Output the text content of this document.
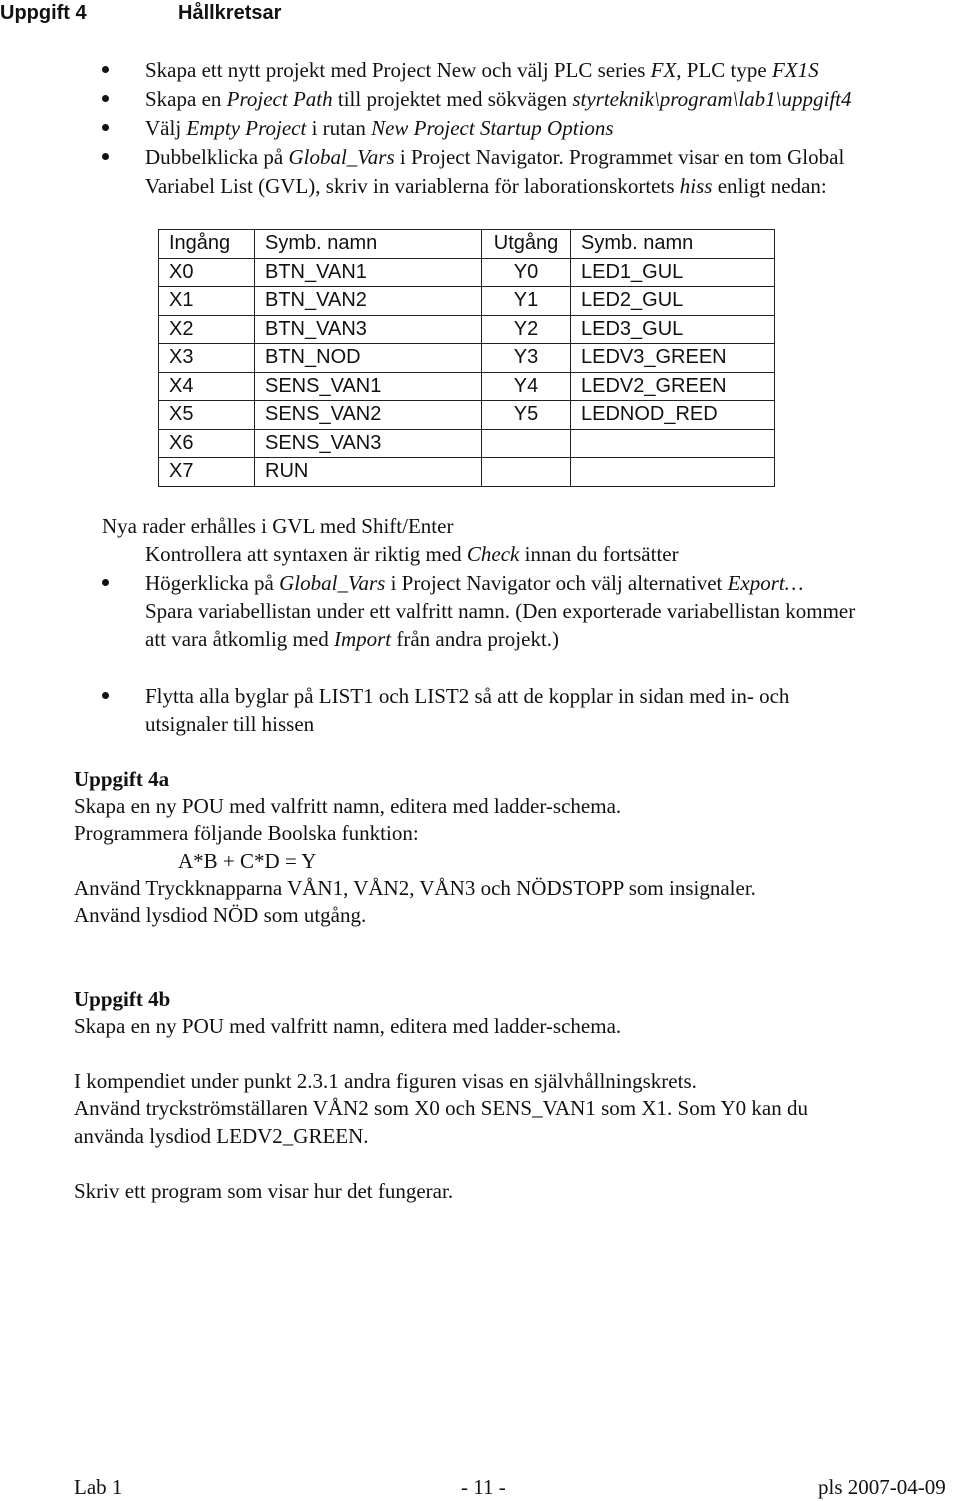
Uppgift 4	Hållkretsar
Skapa ett nytt projekt med Project New och välj PLC series FX, PLC type FX1S
Skapa en Project Path till projektet med sökvägen styrteknik\program\lab1\uppgift4
Välj Empty Project i rutan New Project Startup Options
Dubbelklicka på Global_Vars i Project Navigator. Programmet visar en tom Global
Variabel List (GVL), skriv in variablerna för laborationskortets hiss enligt nedan:
Ingång	Symb. namn	Utgång	Symb. namn
X0	BTN_VAN1	Y0	LED1_GUL
X1	BTN_VAN2	Y1	LED2_GUL
X2	BTN_VAN3	Y2	LED3_GUL
X3	BTN_NOD	Y3	LEDV3_GREEN
X4	SENS_VAN1	Y4	LEDV2_GREEN
X5	SENS_VAN2	Y5	LEDNOD_RED
X6	SENS_VAN3		
X7	RUN		
Nya rader erhålles i GVL med Shift/Enter
Kontrollera att syntaxen är riktig med Check innan du fortsätter
Högerklicka på Global_Vars i Project Navigator och välj alternativet Export…
Spara variabellistan under ett valfritt namn. (Den exporterade variabellistan kommer
att vara åtkomlig med Import från andra projekt.)
Flytta alla byglar på LIST1 och LIST2 så att de kopplar in sidan med in- och
utsignaler till hissen
Uppgift 4a
Skapa en ny POU med valfritt namn, editera med ladder-schema.
Programmera följande Boolska funktion:
A*B + C*D = Y
Använd Tryckknapparna VÅN1, VÅN2, VÅN3 och NÖDSTOPP som insignaler.
Använd lysdiod NÖD som utgång.
Uppgift 4b
Skapa en ny POU med valfritt namn, editera med ladder-schema.
I kompendiet under punkt 2.3.1 andra figuren visas en självhållningskrets.
Använd tryckströmställaren VÅN2 som X0 och SENS_VAN1 som X1. Som Y0 kan du
använda lysdiod LEDV2_GREEN.
Skriv ett program som visar hur det fungerar.
Lab 1	- 11 -	pls 2007-04-09
